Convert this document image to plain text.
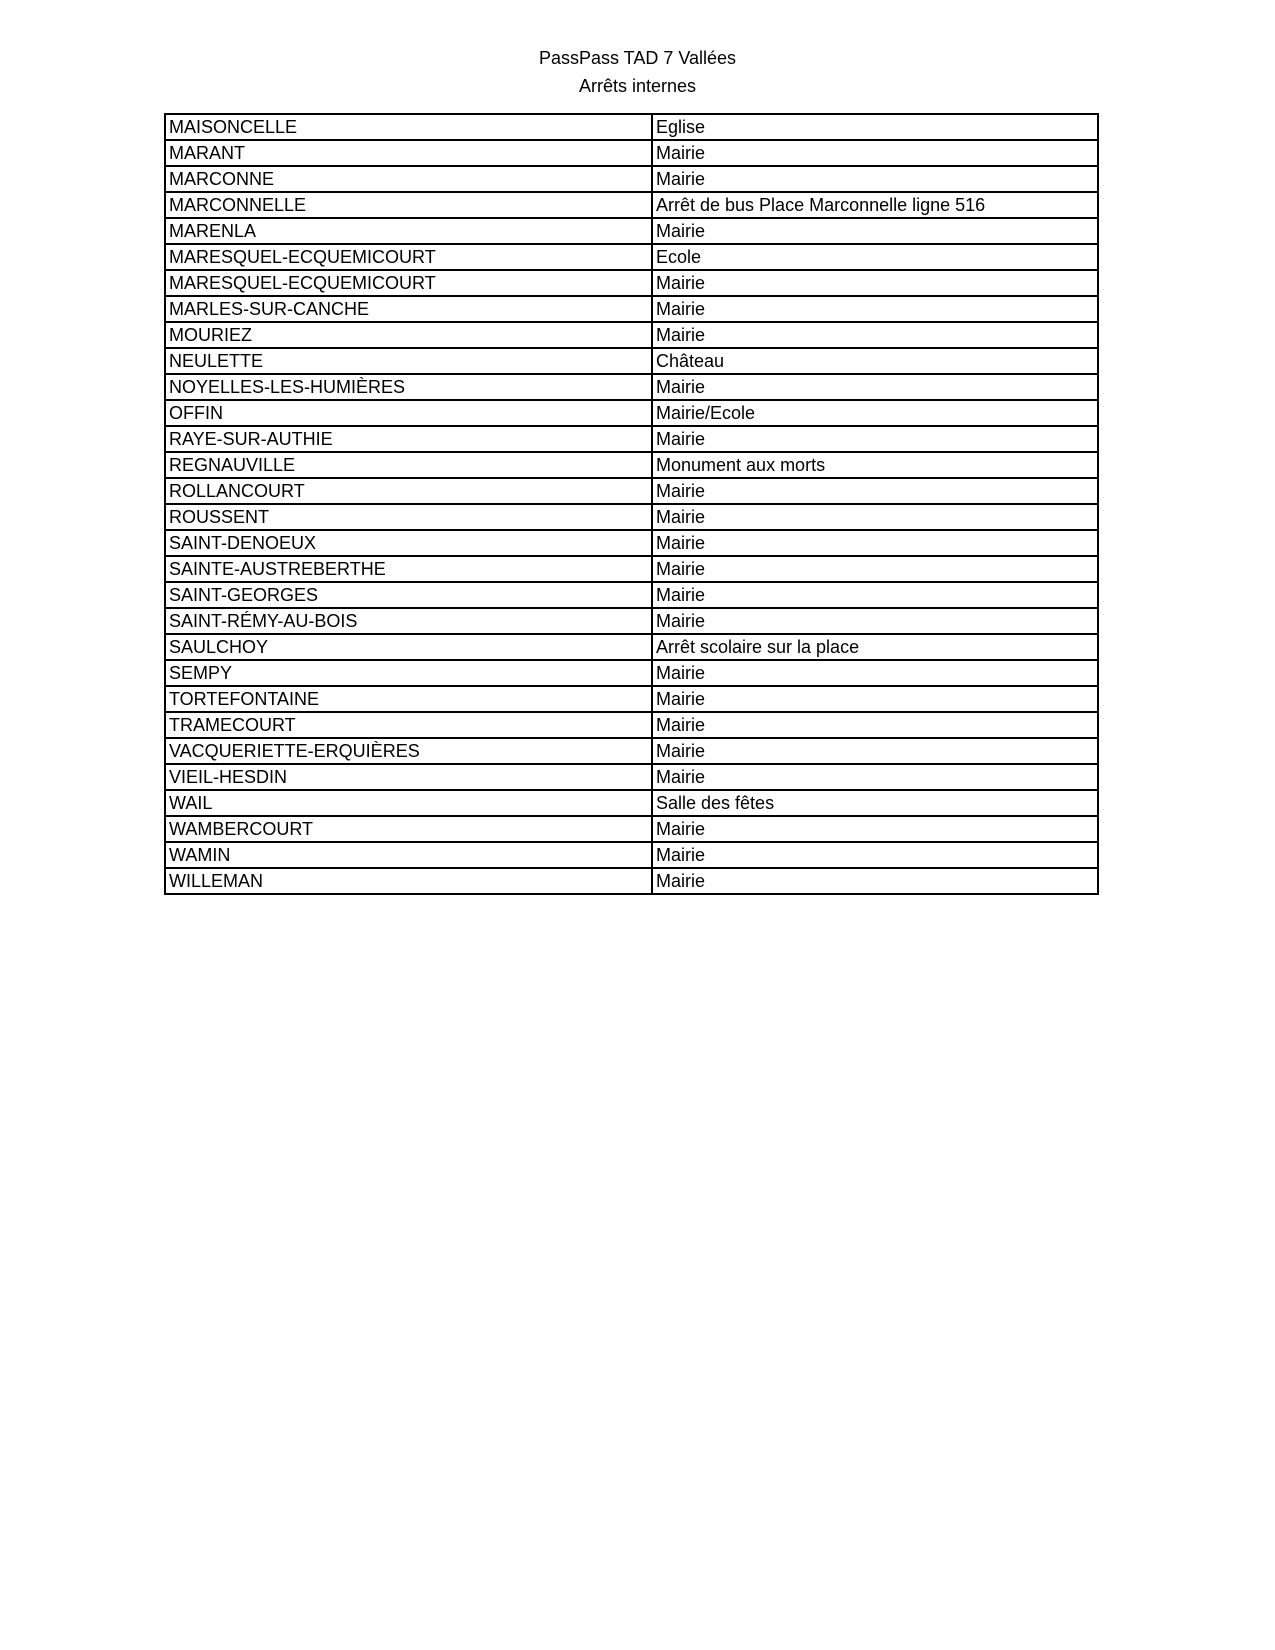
PassPass TAD 7 Vallées
Arrêts internes
MAISONCELLE	Eglise
MARANT	Mairie
MARCONNE	Mairie
MARCONNELLE	Arrêt de bus Place Marconnelle ligne 516
MARENLA	Mairie
MARESQUEL-ECQUEMICOURT	Ecole
MARESQUEL-ECQUEMICOURT	Mairie
MARLES-SUR-CANCHE	Mairie
MOURIEZ	Mairie
NEULETTE	Château
NOYELLES-LES-HUMIÈRES	Mairie
OFFIN	Mairie/Ecole
RAYE-SUR-AUTHIE	Mairie
REGNAUVILLE	Monument aux morts
ROLLANCOURT	Mairie
ROUSSENT	Mairie
SAINT-DENOEUX	Mairie
SAINTE-AUSTREBERTHE	Mairie
SAINT-GEORGES	Mairie
SAINT-RÉMY-AU-BOIS	Mairie
SAULCHOY	Arrêt scolaire sur la place
SEMPY	Mairie
TORTEFONTAINE	Mairie
TRAMECOURT	Mairie
VACQUERIETTE-ERQUIÈRES	Mairie
VIEIL-HESDIN	Mairie
WAIL	Salle des fêtes
WAMBERCOURT	Mairie
WAMIN	Mairie
WILLEMAN	Mairie
